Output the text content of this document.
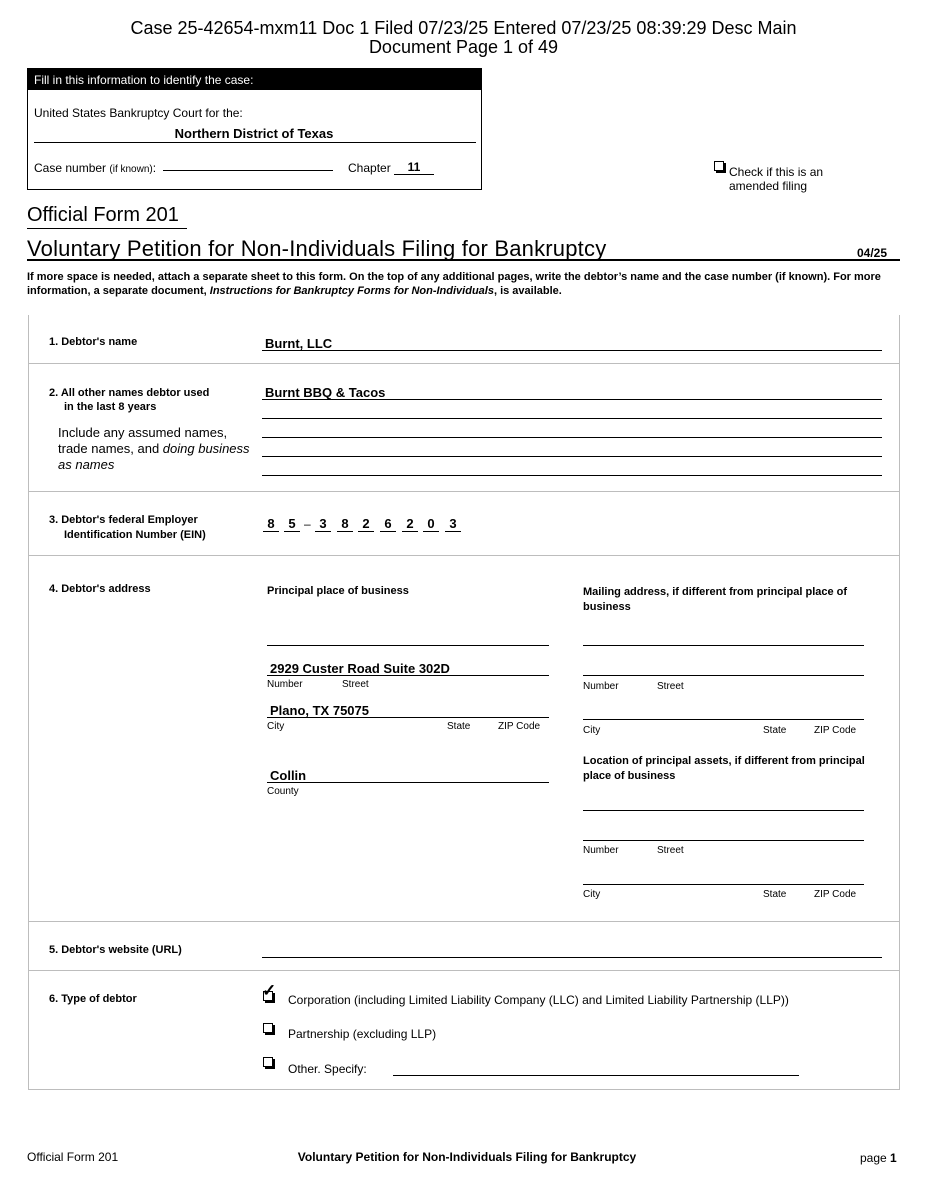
Case 25-42654-mxm11 Doc 1 Filed 07/23/25 Entered 07/23/25 08:39:29 Desc Main
Document Page 1 of 49
Fill in this information to identify the case:
United States Bankruptcy Court for the:
Northern District of Texas
Case number (if known):	Chapter	11	Check if this is an
amended filing
Official Form 201
Voluntary Petition for Non-Individuals Filing for Bankruptcy	04/25
If more space is needed, attach a separate sheet to this form. On the top of any additional pages, write the debtor’s name and the case number (if known). For more information, a separate document, Instructions for Bankruptcy Forms for Non-Individuals, is available.
1. Debtor's name	Burnt, LLC
2. All other names debtor used
in the last 8 years
Include any assumed names,
trade names, and doing business
as names
Burnt BBQ & Tacos
3. Debtor's federal Employer
Identification Number (EIN)
8	5 – 3	8	2	6	2	0	3
4. Debtor's address	Principal place of business
2929 Custer Road Suite 302D
Number	Street
Plano, TX 75075
City	State	ZIP Code
Collin
County
Mailing address, if different from principal place of business
Number	Street
City	State	ZIP Code
Location of principal assets, if different from principal place of business
Number	Street
City	State	ZIP Code
5. Debtor's website (URL)
6. Type of debtor	✓ Corporation (including Limited Liability Company (LLC) and Limited Liability Partnership (LLP))
Partnership (excluding LLP)
Other. Specify:
Official Form 201	Voluntary Petition for Non-Individuals Filing for Bankruptcy	page 1
